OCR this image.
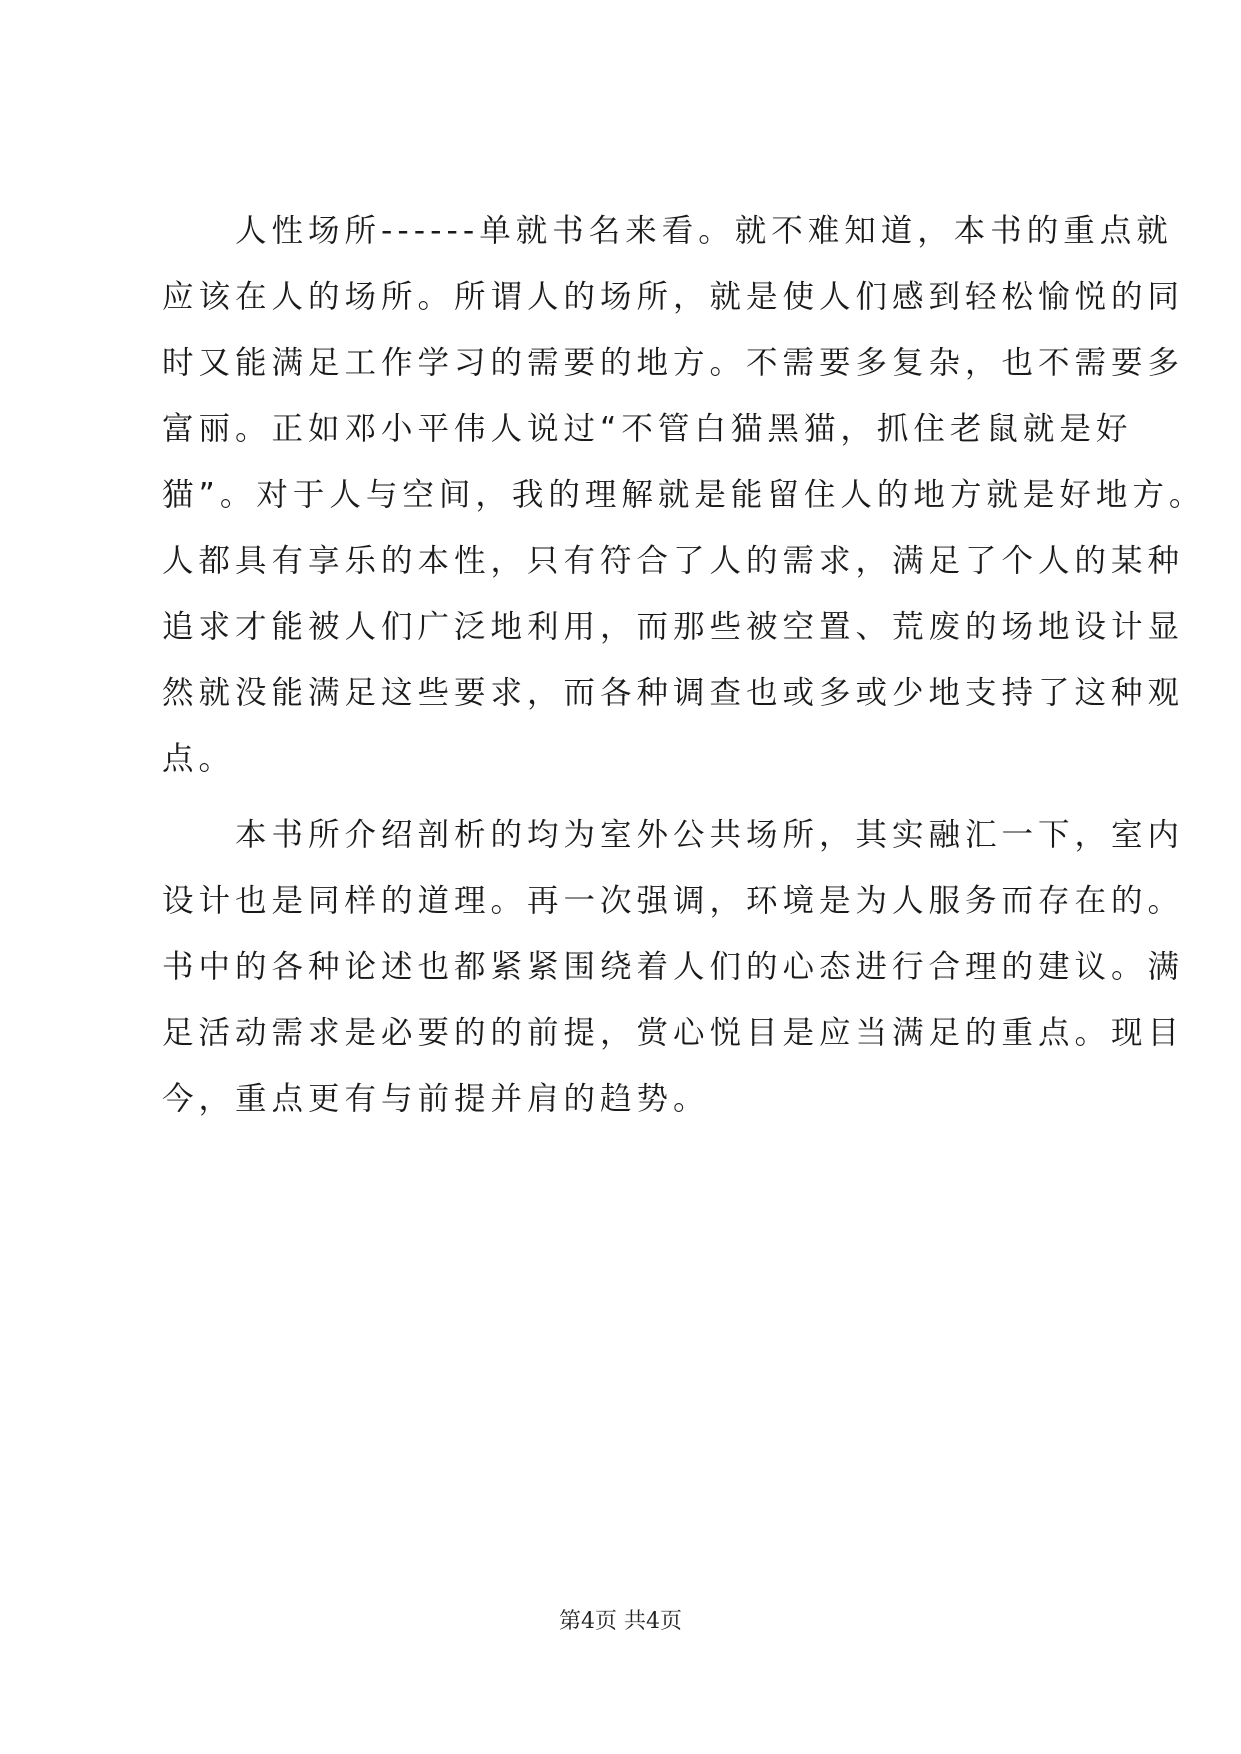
　　人性场所------单就书名来看。就不难知道，本书的重点就
应该在人的场所。所谓人的场所，就是使人们感到轻松愉悦的同
时又能满足工作学习的需要的地方。不需要多复杂，也不需要多
富丽。正如邓小平伟人说过“不管白猫黑猫，抓住老鼠就是好
猫”。对于人与空间，我的理解就是能留住人的地方就是好地方。
人都具有享乐的本性，只有符合了人的需求，满足了个人的某种
追求才能被人们广泛地利用，而那些被空置、荒废的场地设计显
然就没能满足这些要求，而各种调查也或多或少地支持了这种观
点。
　　本书所介绍剖析的均为室外公共场所，其实融汇一下，室内
设计也是同样的道理。再一次强调，环境是为人服务而存在的。
书中的各种论述也都紧紧围绕着人们的心态进行合理的建议。满
足活动需求是必要的的前提，赏心悦目是应当满足的重点。现目
今，重点更有与前提并肩的趋势。
第4页 共4页
